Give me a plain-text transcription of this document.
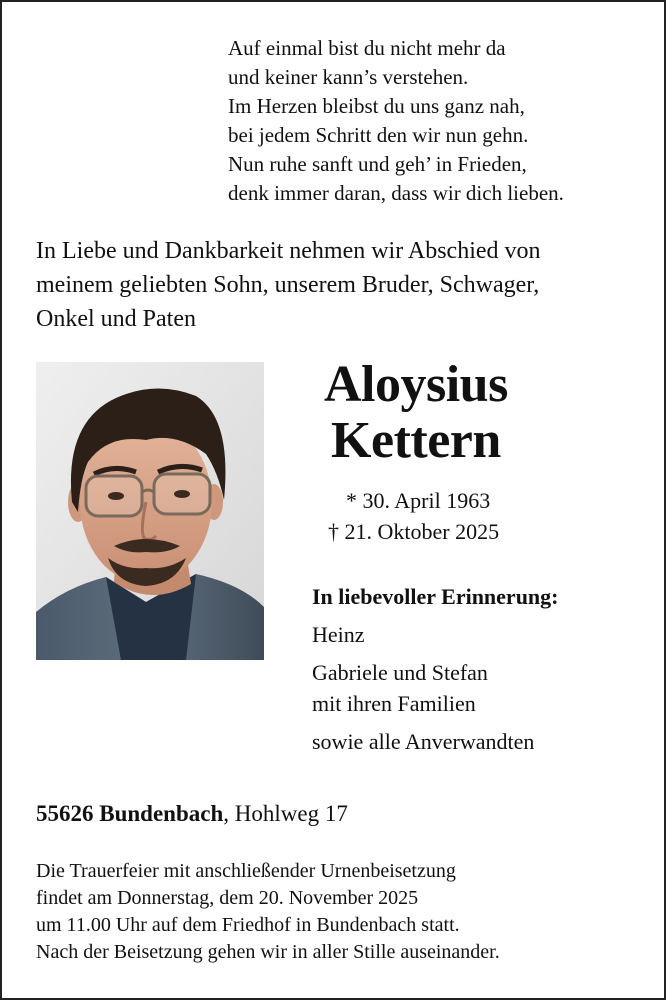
Auf einmal bist du nicht mehr da
und keiner kann’s verstehen.
Im Herzen bleibst du uns ganz nah,
bei jedem Schritt den wir nun gehn.
Nun ruhe sanft und geh’ in Frieden,
denk immer daran, dass wir dich lieben.
In Liebe und Dankbarkeit nehmen wir Abschied von
meinem geliebten Sohn, unserem Bruder, Schwager,
Onkel und Paten
Aloysius
Kettern
* 30. April 1963
† 21. Oktober 2025
In liebevoller Erinnerung:
Heinz
Gabriele und Stefan
mit ihren Familien
sowie alle Anverwandten
55626 Bundenbach, Hohlweg 17
Die Trauerfeier mit anschließender Urnenbeisetzung
findet am Donnerstag, dem 20. November 2025
um 11.00 Uhr auf dem Friedhof in Bundenbach statt.
Nach der Beisetzung gehen wir in aller Stille auseinander.
